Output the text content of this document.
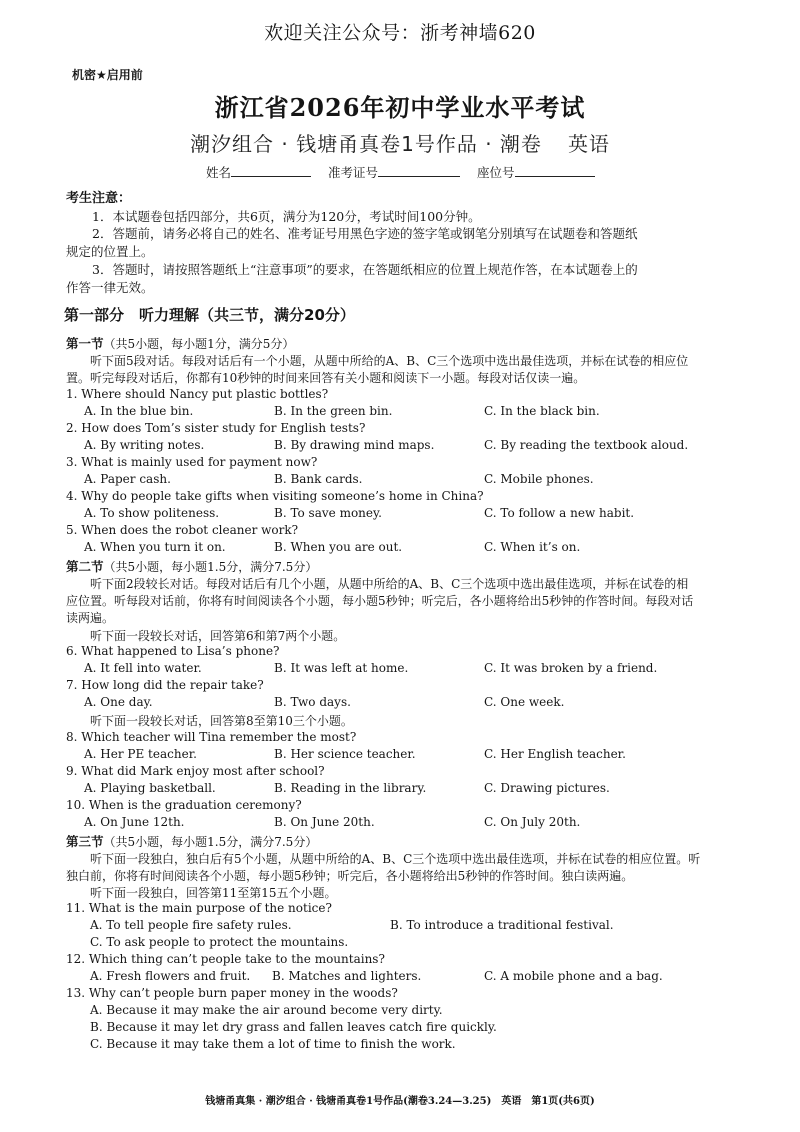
欢迎关注公众号：浙考神墙620
机密★启用前
浙江省2026年初中学业水平考试
潮汐组合 · 钱塘甬真卷1号作品 · 潮卷 英语
姓名	准考证号	座位号
考生注意：
1．本试题卷包括四部分，共6页，满分为120分，考试时间100分钟。
2．答题前，请务必将自己的姓名、准考证号用黑色字迹的签字笔或钢笔分别填写在试题卷和答题纸
规定的位置上。
3．答题时，请按照答题纸上“注意事项”的要求，在答题纸相应的位置上规范作答，在本试题卷上的
作答一律无效。
第一部分　听力理解（共三节，满分20分）
第一节（共5小题，每小题1分，满分5分）
听下面5段对话。每段对话后有一个小题，从题中所给的A、B、C三个选项中选出最佳选项，并标在试卷的相应位
置。听完每段对话后，你都有10秒钟的时间来回答有关小题和阅读下一小题。每段对话仅读一遍。
1. Where should Nancy put plastic bottles?
A. In the blue bin.	B. In the green bin.	C. In the black bin.
2. How does Tom’s sister study for English tests?
A. By writing notes.	B. By drawing mind maps.	C. By reading the textbook aloud.
3. What is mainly used for payment now?
A. Paper cash.	B. Bank cards.	C. Mobile phones.
4. Why do people take gifts when visiting someone’s home in China?
A. To show politeness.	B. To save money.	C. To follow a new habit.
5. When does the robot cleaner work?
A. When you turn it on.	B. When you are out.	C. When it’s on.
第二节（共5小题，每小题1.5分，满分7.5分）
听下面2段较长对话。每段对话后有几个小题，从题中所给的A、B、C三个选项中选出最佳选项，并标在试卷的相
应位置。听每段对话前，你将有时间阅读各个小题，每小题5秒钟；听完后，各小题将给出5秒钟的作答时间。每段对话
读两遍。
听下面一段较长对话，回答第6和第7两个小题。
6. What happened to Lisa’s phone?
A. It fell into water.	B. It was left at home.	C. It was broken by a friend.
7. How long did the repair take?
A. One day.	B. Two days.	C. One week.
听下面一段较长对话，回答第8至第10三个小题。
8. Which teacher will Tina remember the most?
A. Her PE teacher.	B. Her science teacher.	C. Her English teacher.
9. What did Mark enjoy most after school?
A. Playing basketball.	B. Reading in the library.	C. Drawing pictures.
10. When is the graduation ceremony?
A. On June 12th.	B. On June 20th.	C. On July 20th.
第三节（共5小题，每小题1.5分，满分7.5分）
听下面一段独白，独白后有5个小题，从题中所给的A、B、C三个选项中选出最佳选项，并标在试卷的相应位置。听
独白前，你将有时间阅读各个小题，每小题5秒钟；听完后，各小题将给出5秒钟的作答时间。独白读两遍。
听下面一段独白，回答第11至第15五个小题。
11. What is the main purpose of the notice?
A. To tell people fire safety rules.	B. To introduce a traditional festival.
C. To ask people to protect the mountains.
12. Which thing can’t people take to the mountains?
A. Fresh flowers and fruit. B. Matches and lighters.	C. A mobile phone and a bag.
13. Why can’t people burn paper money in the woods?
A. Because it may make the air around become very dirty.
B. Because it may let dry grass and fallen leaves catch fire quickly.
C. Because it may take them a lot of time to finish the work.
钱塘甬真集 · 潮汐组合 · 钱塘甬真卷1号作品(潮卷3.24—3.25)　英语　第1页(共6页)
